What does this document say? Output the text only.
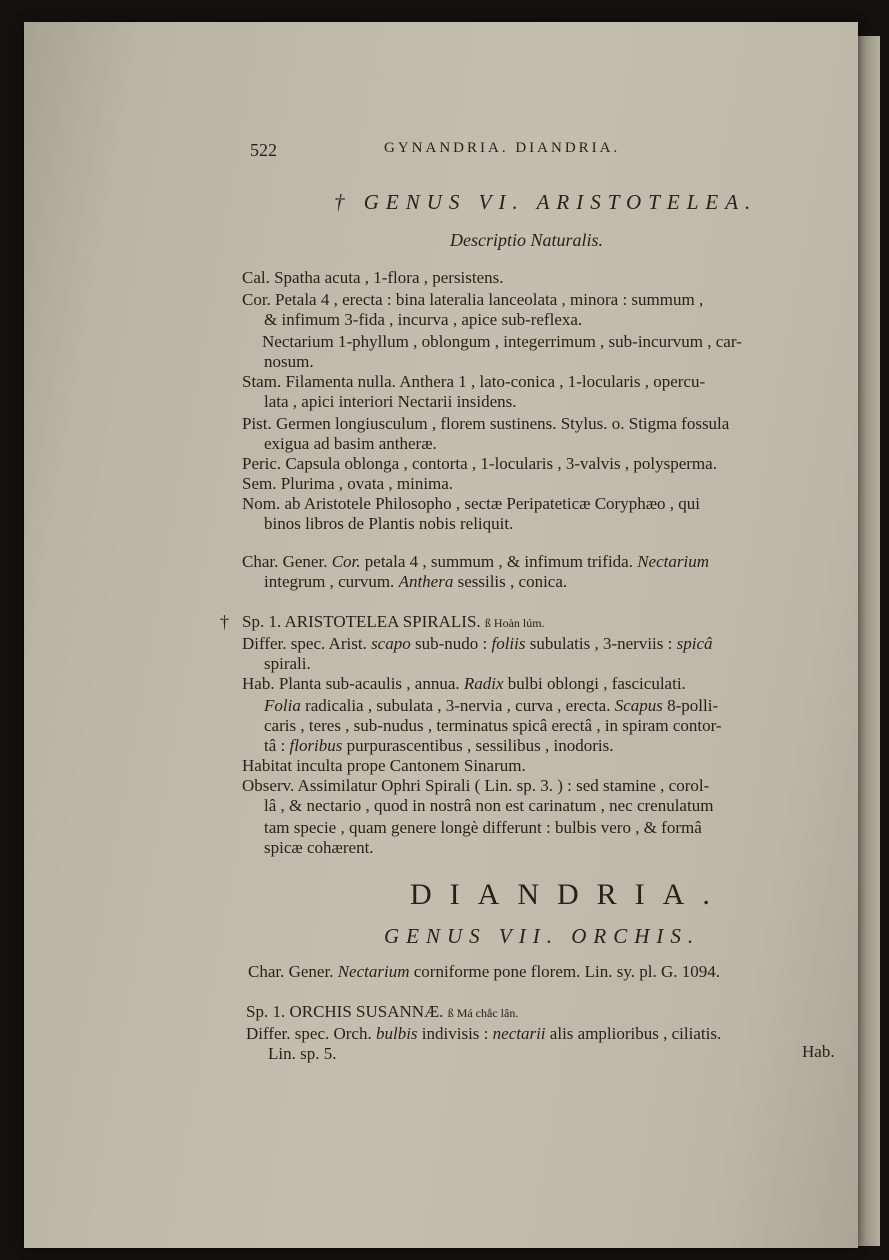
522	GYNANDRIA. DIANDRIA.
† GENUS VI. ARISTOTELEA.
Descriptio Naturalis.
Cal. Spatha acuta , 1-flora , persistens.
Cor. Petala 4 , erecta : bina lateralia lanceolata , minora : summum ,
& infimum 3-fida , incurva , apice sub-reflexa.
Nectarium 1-phyllum , oblongum , integerrimum , sub-incurvum , car-
nosum.
Stam. Filamenta nulla. Anthera 1 , lato-conica , 1-locularis , opercu-
lata , apici interiori Nectarii insidens.
Pist. Germen longiusculum , florem sustinens. Stylus. o. Stigma fossula
exigua ad basim antheræ.
Peric. Capsula oblonga , contorta , 1-locularis , 3-valvis , polysperma.
Sem. Plurima , ovata , minima.
Nom. ab Aristotele Philosopho , sectæ Peripateticæ Coryphæo , qui
binos libros de Plantis nobis reliquit.
Char. Gener. Cor. petala 4 , summum , & infimum trifida. Nectarium
integrum , curvum. Anthera sessilis , conica.
† Sp. 1. ARISTOTELEA SPIRALIS. ß Hoàn lúm.
Differ. spec. Arist. scapo sub-nudo : foliis subulatis , 3-nerviis : spicâ
spirali.
Hab. Planta sub-acaulis , annua. Radix bulbi oblongi , fasciculati.
Folia radicalia , subulata , 3-nervia , curva , erecta. Scapus 8-polli-
caris , teres , sub-nudus , terminatus spicâ erectâ , in spiram contor-
tâ : floribus purpurascentibus , sessilibus , inodoris.
Habitat inculta prope Cantonem Sinarum.
Observ. Assimilatur Ophri Spirali ( Lin. sp. 3. ) : sed stamine , corol-
lâ , & nectario , quod in nostrâ non est carinatum , nec crenulatum
tam specie , quam genere longè differunt : bulbis vero , & formâ
spicæ cohærent.
DIANDRIA.
GENUS VII. ORCHIS.
Char. Gener. Nectarium corniforme pone florem. Lin. sy. pl. G. 1094.
Sp. 1. ORCHIS SUSANNÆ. ß Má chắc lân.
Differ. spec. Orch. bulbis indivisis : nectarii alis amplioribus , ciliatis.
Lin. sp. 5.	Hab.
